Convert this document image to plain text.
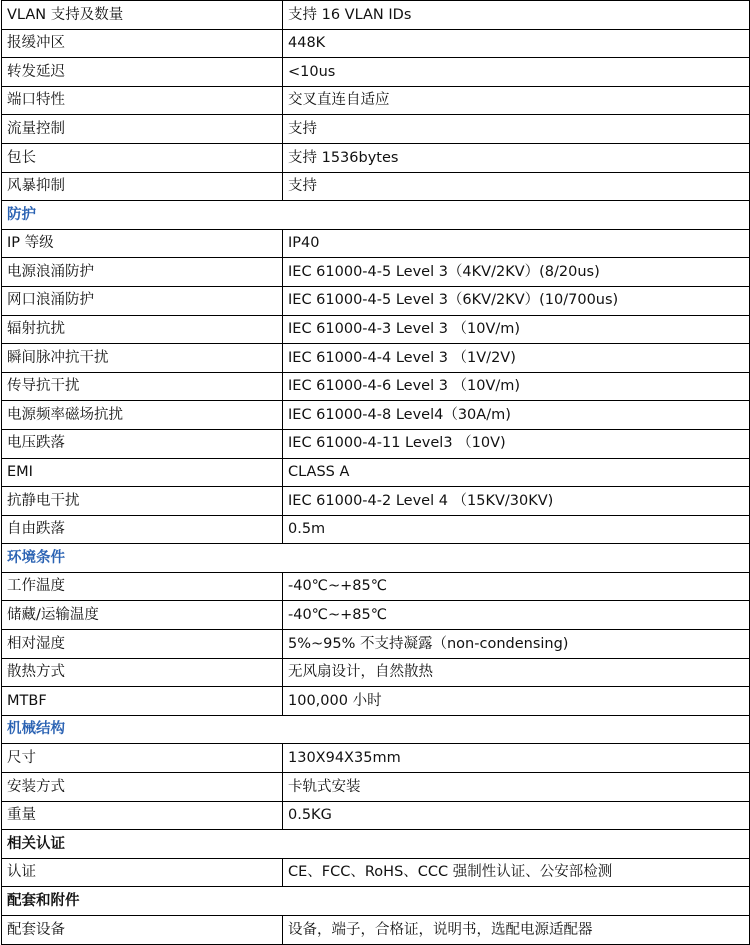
VLAN 支持及数量	支持 16 VLAN IDs
报缓冲区	448K
转发延迟	<10us
端口特性	交叉直连自适应
流量控制	支持
包长	支持 1536bytes
风暴抑制	支持
防护	
IP 等级	IP40
电源浪涌防护	IEC 61000-4-5 Level 3（4KV/2KV）(8/20us)
网口浪涌防护	IEC 61000-4-5 Level 3（6KV/2KV）(10/700us)
辐射抗扰	IEC 61000-4-3 Level 3 （10V/m)
瞬间脉冲抗干扰	IEC 61000-4-4 Level 3 （1V/2V)
传导抗干扰	IEC 61000-4-6 Level 3 （10V/m)
电源频率磁场抗扰	IEC 61000-4-8 Level4（30A/m)
电压跌落	IEC 61000-4-11 Level3 （10V)
EMI	CLASS A
抗静电干扰	IEC 61000-4-2 Level 4 （15KV/30KV)
自由跌落	0.5m
环境条件	
工作温度	-40℃~+85℃
储藏/运输温度	-40℃~+85℃
相对湿度	5%~95% 不支持凝露（non-condensing)
散热方式	无风扇设计，自然散热
MTBF	100,000 小时
机械结构	
尺寸	130X94X35mm
安装方式	卡轨式安装
重量	0.5KG
相关认证	
认证	CE、FCC、RoHS、CCC 强制性认证、公安部检测
配套和附件	
配套设备	设备，端子，合格证，说明书，选配电源适配器
